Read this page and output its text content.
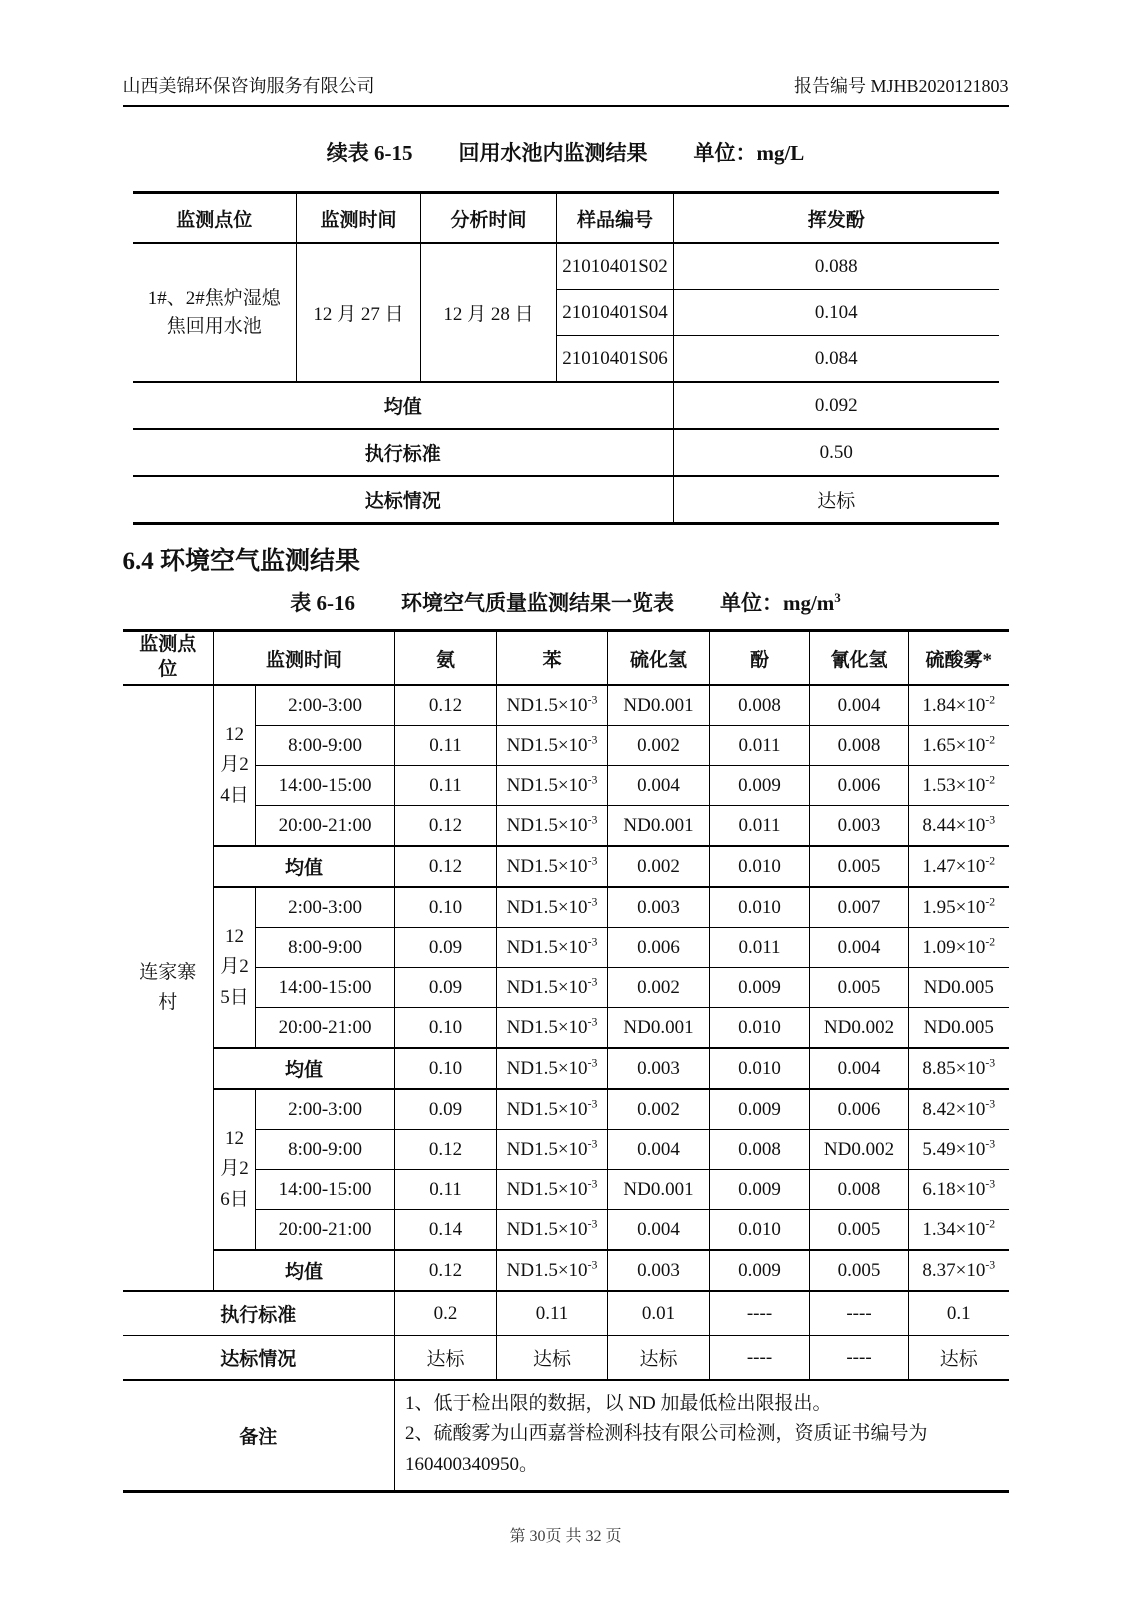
山西美锦环保咨询服务有限公司	报告编号 MJHB2020121803
续表 6-15 回用水池内监测结果 单位：mg/L
监测点位	监测时间	分析时间	样品编号	挥发酚
1#、2#焦炉湿熄焦回用水池	12 月 27 日	12 月 28 日	21010401S02	0.088
			21010401S04	0.104
			21010401S06	0.084
均值				0.092
执行标准				0.50
达标情况				达标
6.4 环境空气监测结果
表 6-16 环境空气质量监测结果一览表 单位：$mg/m^3$
监测点位	监测时间		氨	苯	硫化氢	酚	氰化氢	硫酸雾*
连家寨村	12月24日	2:00-3:00	0.12	$ND1.5\times 10^{-3}$	ND0.001	0.008	0.004	$1.84\times 10^{-2}$
		8:00-9:00	0.11	$ND1.5\times 10^{-3}$	0.002	0.011	0.008	$1.65\times 10^{-2}$
		14:00-15:00	0.11	$ND1.5\times 10^{-3}$	0.004	0.009	0.006	$1.53\times 10^{-2}$
		20:00-21:00	0.12	$ND1.5\times 10^{-3}$	ND0.001	0.011	0.003	$8.44\times 10^{-3}$
	均值		0.12	$ND1.5\times 10^{-3}$	0.002	0.010	0.005	$1.47\times 10^{-2}$
	12月25日	2:00-3:00	0.10	$ND1.5\times 10^{-3}$	0.003	0.010	0.007	$1.95\times 10^{-2}$
		8:00-9:00	0.09	$ND1.5\times 10^{-3}$	0.006	0.011	0.004	$1.09\times 10^{-2}$
		14:00-15:00	0.09	$ND1.5\times 10^{-3}$	0.002	0.009	0.005	ND0.005
		20:00-21:00	0.10	$ND1.5\times 10^{-3}$	ND0.001	0.010	ND0.002	ND0.005
	均值		0.10	$ND1.5\times 10^{-3}$	0.003	0.010	0.004	$8.85\times 10^{-3}$
	12月26日	2:00-3:00	0.09	$ND1.5\times 10^{-3}$	0.002	0.009	0.006	$8.42\times 10^{-3}$
		8:00-9:00	0.12	$ND1.5\times 10^{-3}$	0.004	0.008	ND0.002	$5.49\times 10^{-3}$
		14:00-15:00	0.11	$ND1.5\times 10^{-3}$	ND0.001	0.009	0.008	$6.18\times 10^{-3}$
		20:00-21:00	0.14	$ND1.5\times 10^{-3}$	0.004	0.010	0.005	$1.34\times 10^{-2}$
	均值		0.12	$ND1.5\times 10^{-3}$	0.003	0.009	0.005	$8.37\times 10^{-3}$
执行标准			0.2	0.11	0.01	----	----	0.1
达标情况			达标	达标	达标	----	----	达标
备注			1、低于检出限的数据，以 ND 加最低检出限报出。
2、硫酸雾为山西嘉誉检测科技有限公司检测，资质证书编号为160400340950。					
第 30页 共 32 页
